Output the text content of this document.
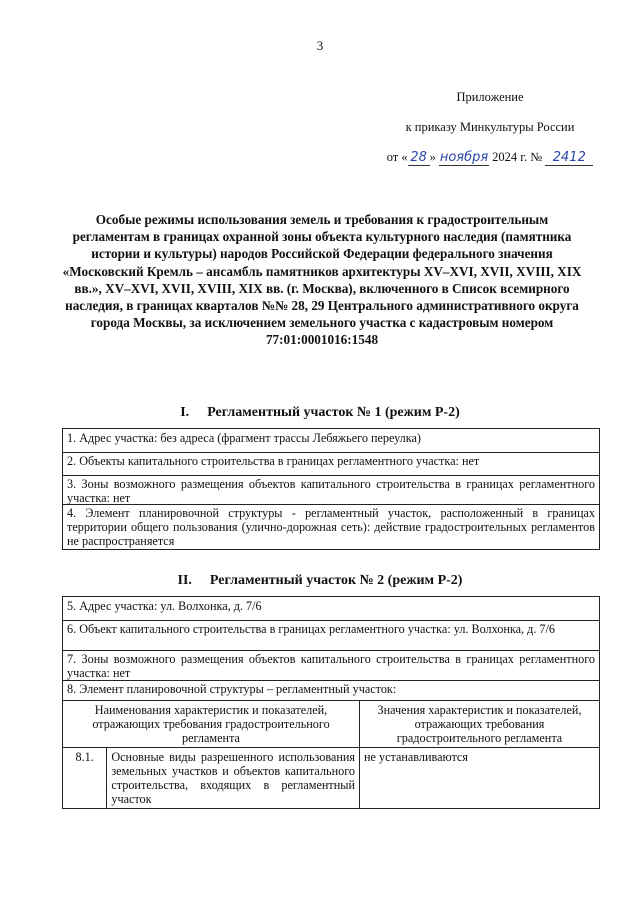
3
Приложение
к приказу Минкультуры России
от « 28 » ноября 2024 г. № 2412
Особые режимы использования земель и требования к градостроительным регламентам в границах охранной зоны объекта культурного наследия (памятника истории и культуры) народов Российской Федерации федерального значения «Московский Кремль – ансамбль памятников архитектуры XV–XVI, XVII, XVIII, XIX вв.», XV–XVI, XVII, XVIII, XIX вв. (г. Москва), включенного в Список всемирного наследия, в границах кварталов №№ 28, 29 Центрального административного округа города Москвы, за исключением земельного участка с кадастровым номером 77:01:0001016:1548
I. Регламентный участок № 1 (режим Р-2)
1. Адрес участка: без адреса (фрагмент трассы Лебяжьего переулка)
2. Объекты капитального строительства в границах регламентного участка: нет
3. Зоны возможного размещения объектов капитального строительства в границах регламентного участка: нет
4. Элемент планировочной структуры - регламентный участок, расположенный в границах территории общего пользования (улично-дорожная сеть): действие градостроительных регламентов не распространяется
II. Регламентный участок № 2 (режим Р-2)
5. Адрес участка: ул. Волхонка, д. 7/6
6. Объект капитального строительства в границах регламентного участка: ул. Волхонка, д. 7/6
7. Зоны возможного размещения объектов капитального строительства в границах регламентного участка: нет
8. Элемент планировочной структуры – регламентный участок:
Наименования характеристик и показателей, отражающих требования градостроительного регламента		Значения характеристик и показателей, отражающих требования градостроительного регламента
8.1.	Основные виды разрешенного использования земельных участков и объектов капитального строительства, входящих в регламентный участок	не устанавливаются
